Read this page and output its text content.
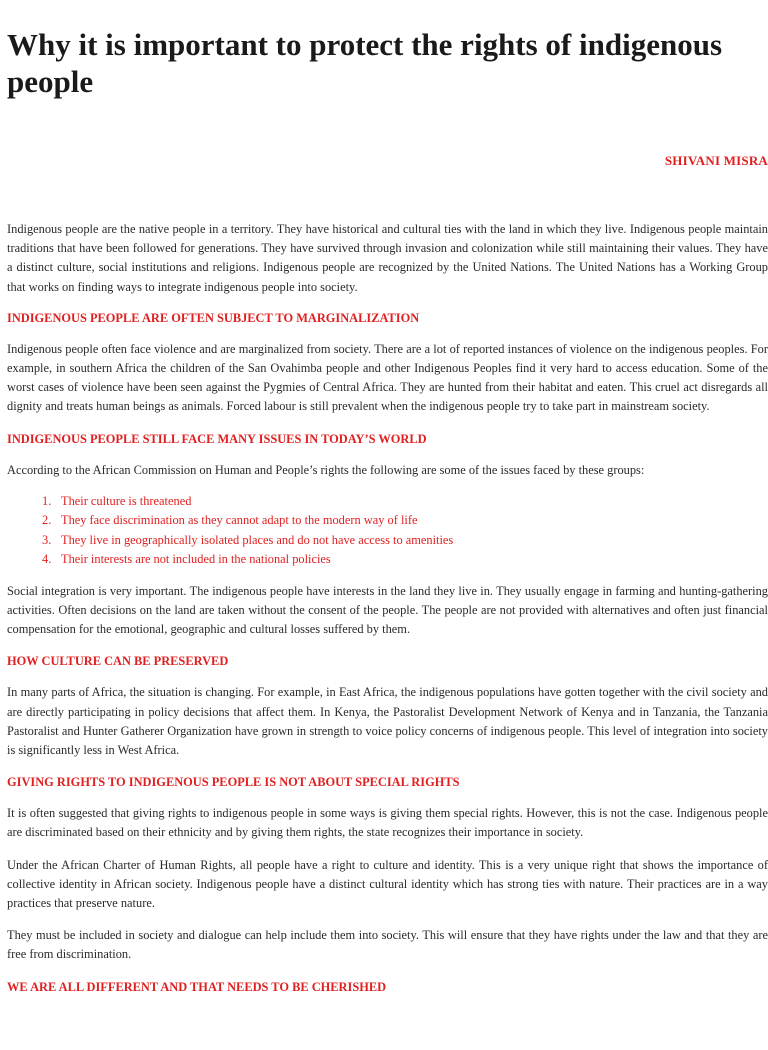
Why it is important to protect the rights of indigenous people
SHIVANI MISRA

Indigenous people are the native people in a territory. They have historical and cultural ties with the land in which they live. Indigenous people maintain traditions that have been followed for generations. They have survived through invasion and colonization while still maintaining their values. They have a distinct culture, social institutions and religions. Indigenous people are recognized by the United Nations. The United Nations has a Working Group that works on finding ways to integrate indigenous people into society.

INDIGENOUS PEOPLE ARE OFTEN SUBJECT TO MARGINALIZATION

Indigenous people often face violence and are marginalized from society. There are a lot of reported instances of violence on the indigenous peoples. For example, in southern Africa the children of the San Ovahimba people and other Indigenous Peoples find it very hard to access education. Some of the worst cases of violence have been seen against the Pygmies of Central Africa. They are hunted from their habitat and eaten. This cruel act disregards all dignity and treats human beings as animals. Forced labour is still prevalent when the indigenous people try to take part in mainstream society.

INDIGENOUS PEOPLE STILL FACE MANY ISSUES IN TODAY’S WORLD

According to the African Commission on Human and People’s rights the following are some of the issues faced by these groups:

1. Their culture is threatened
2. They face discrimination as they cannot adapt to the modern way of life
3. They live in geographically isolated places and do not have access to amenities
4. Their interests are not included in the national policies

Social integration is very important. The indigenous people have interests in the land they live in. They usually engage in farming and hunting-gathering activities. Often decisions on the land are taken without the consent of the people. The people are not provided with alternatives and often just financial compensation for the emotional, geographic and cultural losses suffered by them.

HOW CULTURE CAN BE PRESERVED

In many parts of Africa, the situation is changing. For example, in East Africa, the indigenous populations have gotten together with the civil society and are directly participating in policy decisions that affect them. In Kenya, the Pastoralist Development Network of Kenya and in Tanzania, the Tanzania Pastoralist and Hunter Gatherer Organization have grown in strength to voice policy concerns of indigenous people. This level of integration into society is significantly less in West Africa.

GIVING RIGHTS TO INDIGENOUS PEOPLE IS NOT ABOUT SPECIAL RIGHTS

It is often suggested that giving rights to indigenous people in some ways is giving them special rights. However, this is not the case. Indigenous people are discriminated based on their ethnicity and by giving them rights, the state recognizes their importance in society.

Under the African Charter of Human Rights, all people have a right to culture and identity. This is a very unique right that shows the importance of collective identity in African society. Indigenous people have a distinct cultural identity which has strong ties with nature. Their practices are in a way practices that preserve nature.

They must be included in society and dialogue can help include them into society. This will ensure that they have rights under the law and that they are free from discrimination.

WE ARE ALL DIFFERENT AND THAT NEEDS TO BE CHERISHED
